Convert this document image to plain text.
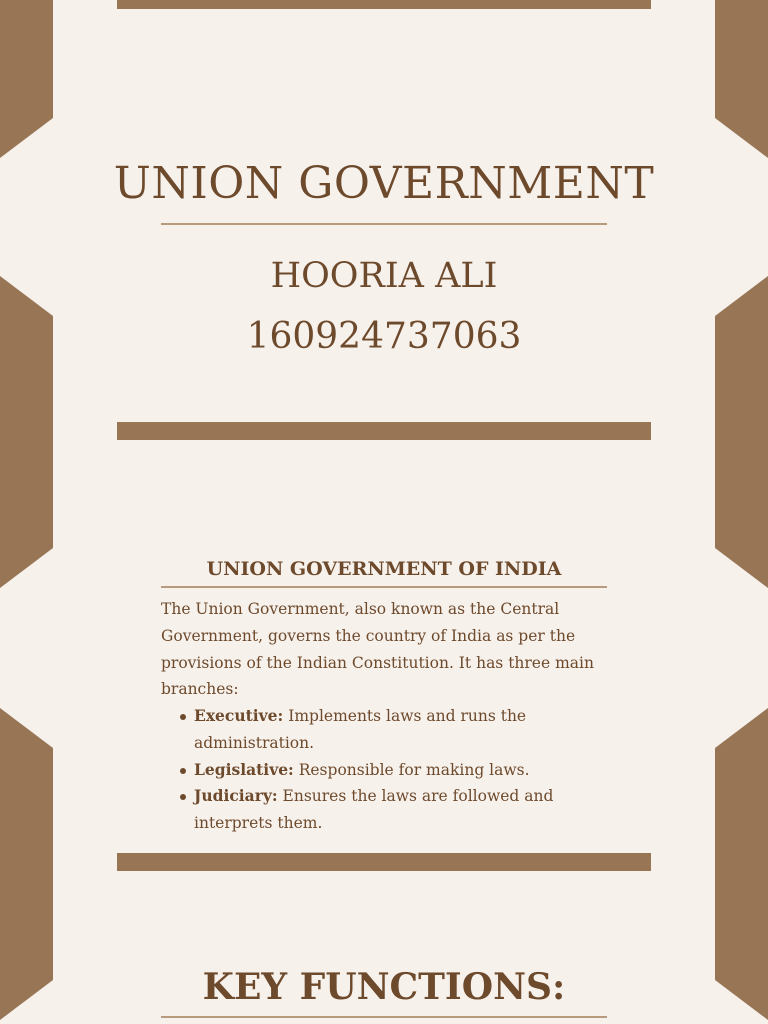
UNION GOVERNMENT
HOORIA ALI
160924737063
UNION GOVERNMENT OF INDIA

The Union Government, also known as the Central Government, governs the country of India as per the provisions of the Indian Constitution. It has three main branches:

Executive: Implements laws and runs the administration.
Legislative: Responsible for making laws.
Judiciary: Ensures the laws are followed and interprets them.
KEY FUNCTIONS:
